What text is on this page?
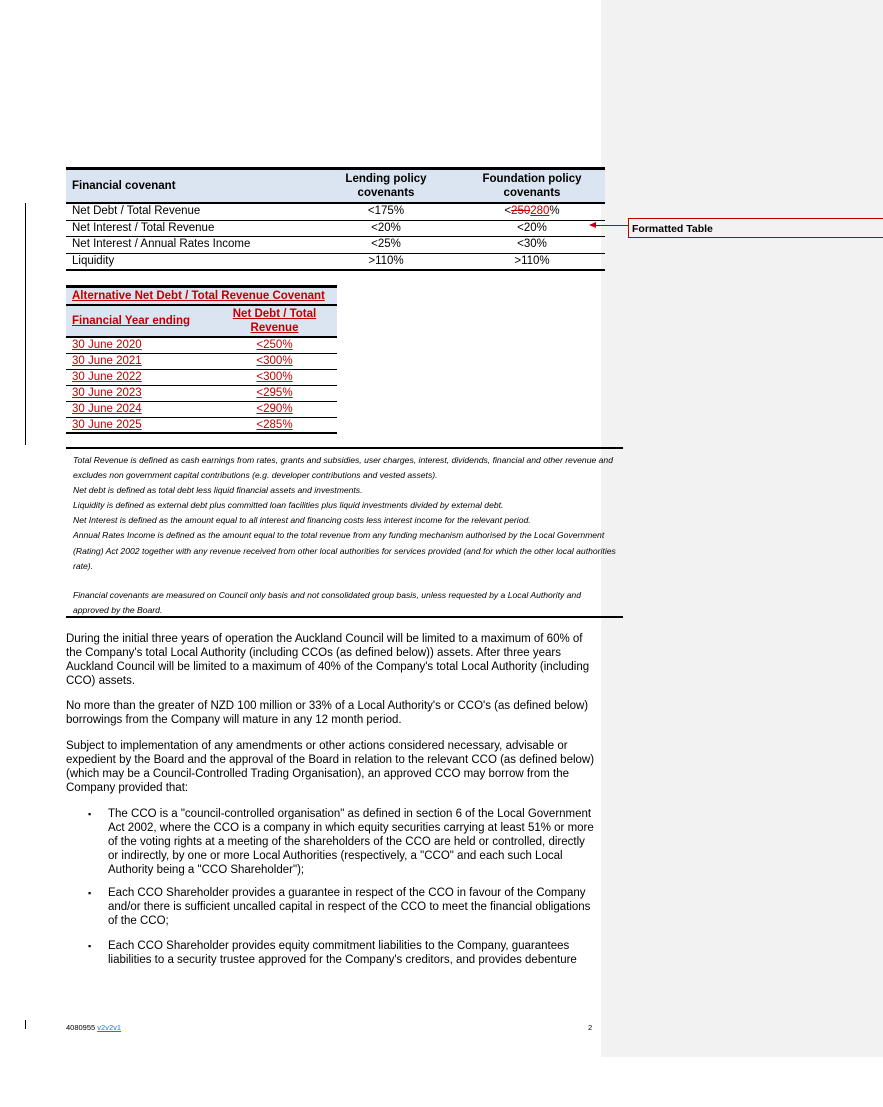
Financial covenant	Lending policy covenants	Foundation policy covenants
Net Debt / Total Revenue	<175%	<250280%
Net Interest / Total Revenue	<20%	<20%
Net Interest / Annual Rates Income	<25%	<30%
Liquidity	>110%	>110%
Alternative Net Debt / Total Revenue Covenant	
Financial Year ending	Net Debt / Total Revenue
30 June 2020	<250%
30 June 2021	<300%
30 June 2022	<300%
30 June 2023	<295%
30 June 2024	<290%
30 June 2025	<285%

Total Revenue is defined as cash earnings from rates, grants and subsidies, user charges, interest, dividends, financial and other revenue and excludes non government capital contributions (e.g. developer contributions and vested assets).

Net debt is defined as total debt less liquid financial assets and investments.

Liquidity is defined as external debt plus committed loan facilities plus liquid investments divided by external debt.

Net Interest is defined as the amount equal to all interest and financing costs less interest income for the relevant period.

Annual Rates Income is defined as the amount equal to the total revenue from any funding mechanism authorised by the Local Government (Rating) Act 2002 together with any revenue received from other local authorities for services provided (and for which the other local authorities rate).

Financial covenants are measured on Council only basis and not consolidated group basis, unless requested by a Local Authority and approved by the Board.

During the initial three years of operation the Auckland Council will be limited to a maximum of 60% of the Company's total Local Authority (including CCOs (as defined below)) assets. After three years Auckland Council will be limited to a maximum of 40% of the Company's total Local Authority (including CCO) assets.

No more than the greater of NZD 100 million or 33% of a Local Authority's or CCO's (as defined below) borrowings from the Company will mature in any 12 month period.

Subject to implementation of any amendments or other actions considered necessary, advisable or expedient by the Board and the approval of the Board in relation to the relevant CCO (as defined below) (which may be a Council-Controlled Trading Organisation), an approved CCO may borrow from the Company provided that:

▪ The CCO is a "council-controlled organisation" as defined in section 6 of the Local Government Act 2002, where the CCO is a company in which equity securities carrying at least 51% or more of the voting rights at a meeting of the shareholders of the CCO are held or controlled, directly or indirectly, by one or more Local Authorities (respectively, a "CCO" and each such Local Authority being a "CCO Shareholder");
▪ Each CCO Shareholder provides a guarantee in respect of the CCO in favour of the Company and/or there is sufficient uncalled capital in respect of the CCO to meet the financial obligations of the CCO;
▪ Each CCO Shareholder provides equity commitment liabilities to the Company, guarantees liabilities to a security trustee approved for the Company's creditors, and provides debenture
4080955 v2v2v1	2
Formatted Table
